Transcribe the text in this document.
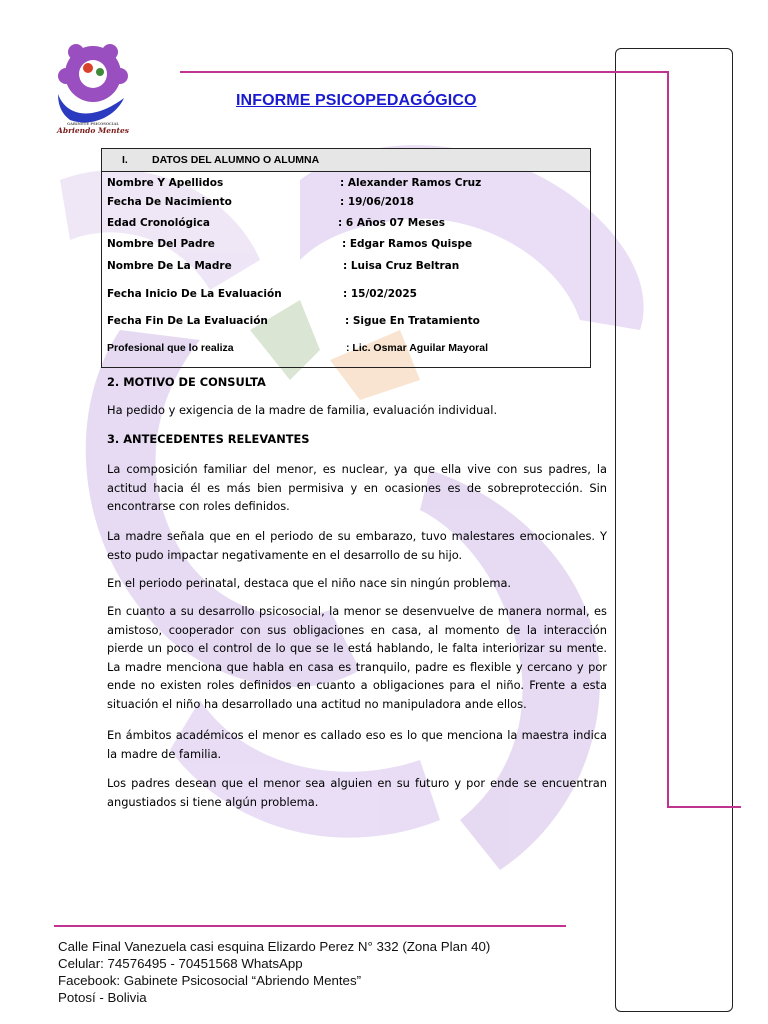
GABINETE PSICOSOCIAL
Abriendo Mentes
INFORME PSICOPEDAGÓGICO
I. DATOS DEL ALUMNO O ALUMNA
Nombre Y Apellidos	: Alexander Ramos Cruz
Fecha De Nacimiento	: 19/06/2018
Edad Cronológica	: 6 Años 07 Meses
Nombre Del Padre	: Edgar Ramos Quispe
Nombre De La Madre	: Luisa Cruz Beltran
Fecha Inicio De La Evaluación	: 15/02/2025
Fecha Fin De La Evaluación	: Sigue En Tratamiento
Profesional que lo realiza	: Lic. Osmar Aguilar Mayoral
2. MOTIVO DE CONSULTA
Ha pedido y exigencia de la madre de familia, evaluación individual.
3. ANTECEDENTES RELEVANTES
La composición familiar del menor, es nuclear, ya que ella vive con sus padres, la actitud hacia él es más bien permisiva y en ocasiones es de sobreprotección. Sin encontrarse con roles definidos.
La madre señala que en el periodo de su embarazo, tuvo malestares emocionales. Y esto pudo impactar negativamente en el desarrollo de su hijo.
En el periodo perinatal, destaca que el niño nace sin ningún problema.
En cuanto a su desarrollo psicosocial, la menor se desenvuelve de manera normal, es amistoso, cooperador con sus obligaciones en casa, al momento de la interacción pierde un poco el control de lo que se le está hablando, le falta interiorizar su mente. La madre menciona que habla en casa es tranquilo, padre es flexible y cercano y por ende no existen roles definidos en cuanto a obligaciones para el niño. Frente a esta situación el niño ha desarrollado una actitud no manipuladora ande ellos.
En ámbitos académicos el menor es callado eso es lo que menciona la maestra indica la madre de familia.
Los padres desean que el menor sea alguien en su futuro y por ende se encuentran angustiados si tiene algún problema.
Calle Final Vanezuela casi esquina Elizardo Perez N° 332 (Zona Plan 40)
Celular: 74576495 - 70451568 WhatsApp
Facebook: Gabinete Psicosocial “Abriendo Mentes”
Potosí - Bolivia
